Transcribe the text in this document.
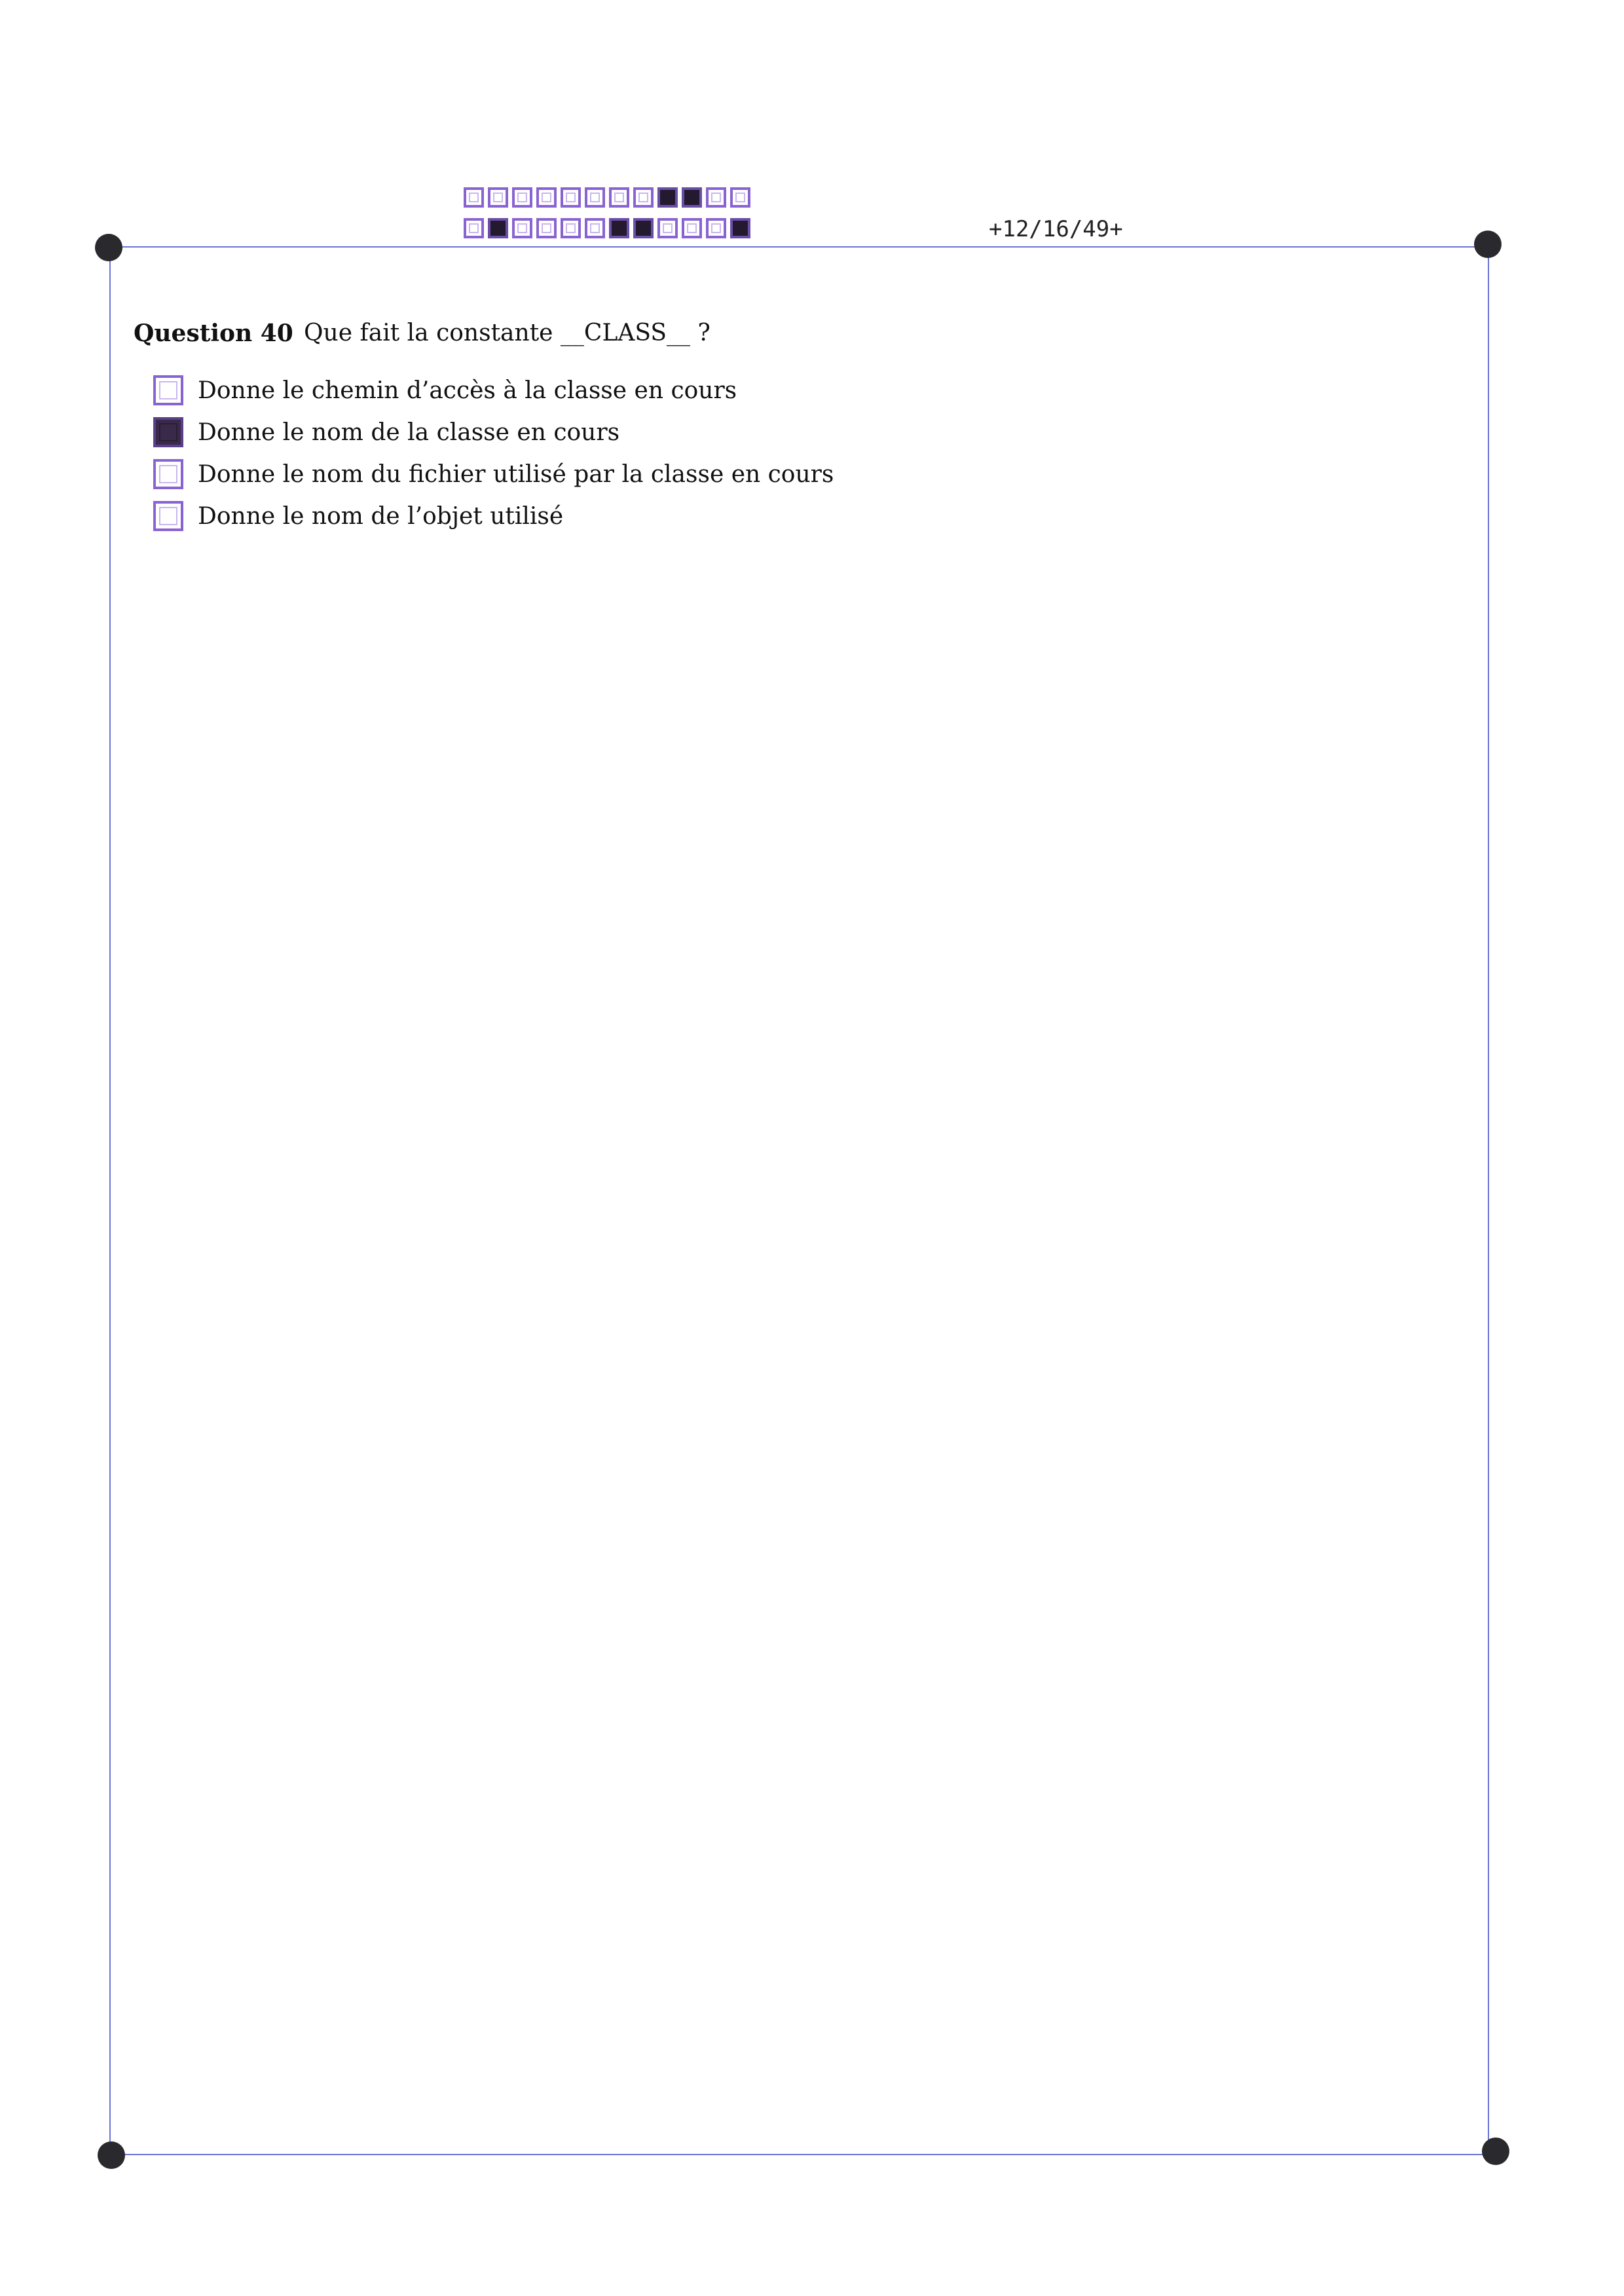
+12/16/49+
Question 40 Que fait la constante __CLASS__ ?
Donne le chemin d’accès à la classe en cours
Donne le nom de la classe en cours
Donne le nom du fichier utilisé par la classe en cours
Donne le nom de l’objet utilisé
